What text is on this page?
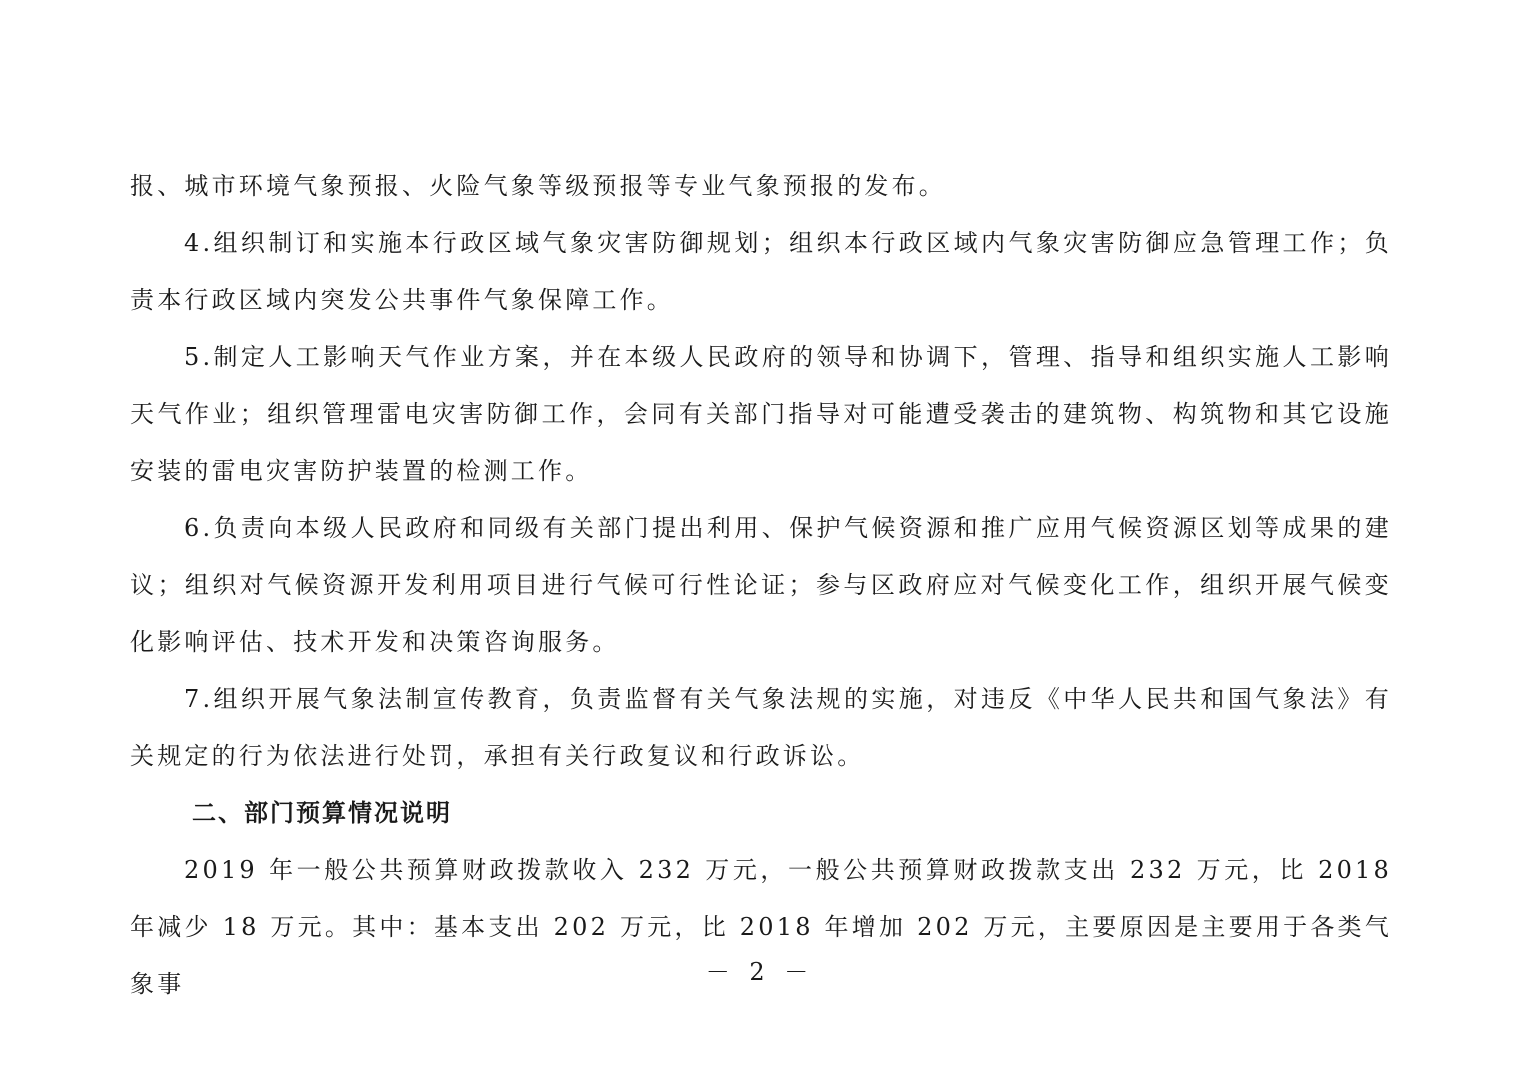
报、城市环境气象预报、火险气象等级预报等专业气象预报的发布。

4.组织制订和实施本行政区域气象灾害防御规划；组织本行政区域内气象灾害防御应急管理工作；负责本行政区域内突发公共事件气象保障工作。

5.制定人工影响天气作业方案，并在本级人民政府的领导和协调下，管理、指导和组织实施人工影响天气作业；组织管理雷电灾害防御工作，会同有关部门指导对可能遭受袭击的建筑物、构筑物和其它设施安装的雷电灾害防护装置的检测工作。

6.负责向本级人民政府和同级有关部门提出利用、保护气候资源和推广应用气候资源区划等成果的建议；组织对气候资源开发利用项目进行气候可行性论证；参与区政府应对气候变化工作，组织开展气候变化影响评估、技术开发和决策咨询服务。

7.组织开展气象法制宣传教育，负责监督有关气象法规的实施，对违反《中华人民共和国气象法》有关规定的行为依法进行处罚，承担有关行政复议和行政诉讼。

二、部门预算情况说明

2019 年一般公共预算财政拨款收入 232 万元，一般公共预算财政拨款支出 232 万元，比 2018 年减少 18 万元。其中：基本支出 202 万元，比 2018 年增加 202 万元，主要原因是主要用于各类气象事	－ 2 －
